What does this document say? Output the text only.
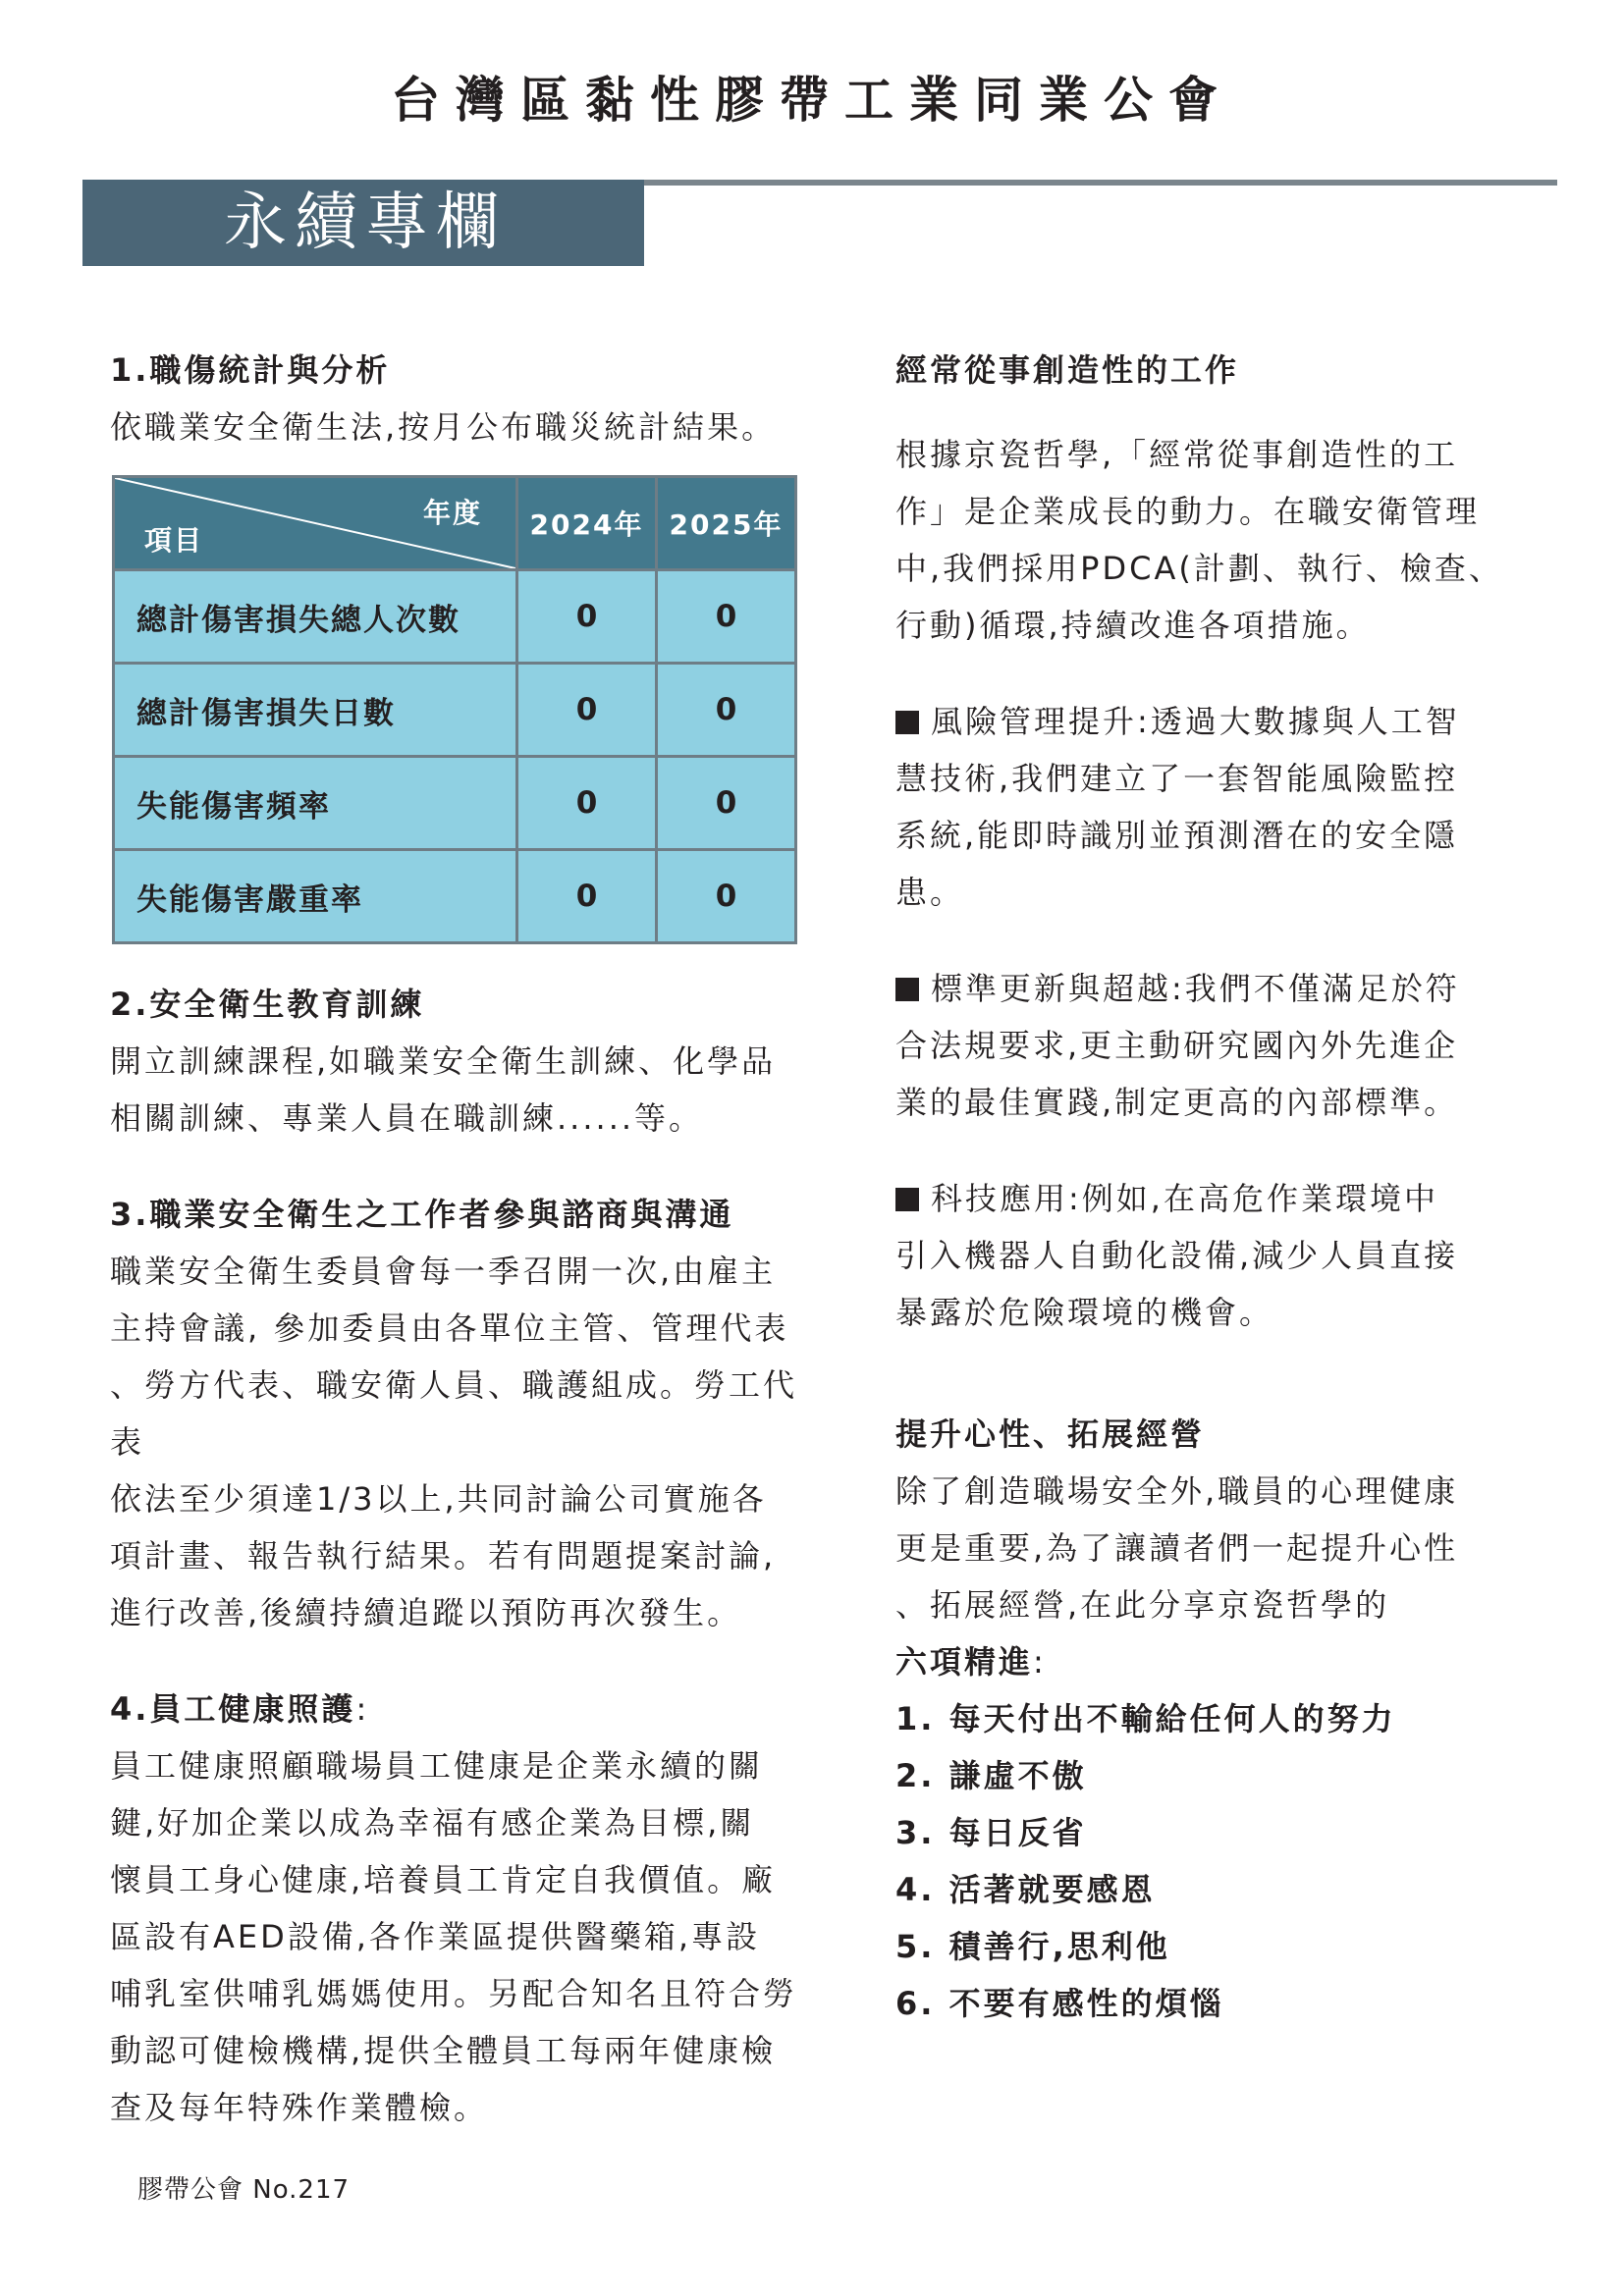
台灣區黏性膠帶工業同業公會
永續專欄

1.職傷統計與分析

依職業安全衛生法,按月公布職災統計結果。

年度
項目	2024年	2025年
總計傷害損失總人次數	0	0
總計傷害損失日數	0	0
失能傷害頻率	0	0
失能傷害嚴重率	0	0

2.安全衛生教育訓練

開立訓練課程,如職業安全衛生訓練、化學品

相關訓練、專業人員在職訓練......等。

3.職業安全衛生之工作者參與諮商與溝通

職業安全衛生委員會每一季召開一次,由雇主

主持會議, 參加委員由各單位主管、管理代表

、勞方代表、職安衛人員、職護組成。勞工代表

依法至少須達1/3以上,共同討論公司實施各

項計畫、報告執行結果。若有問題提案討論,

進行改善,後續持續追蹤以預防再次發生。

4.員工健康照護:

員工健康照顧職場員工健康是企業永續的關

鍵,好加企業以成為幸福有感企業為目標,關

懷員工身心健康,培養員工肯定自我價值。廠

區設有AED設備,各作業區提供醫藥箱,專設

哺乳室供哺乳媽媽使用。另配合知名且符合勞

動認可健檢機構,提供全體員工每兩年健康檢

查及每年特殊作業體檢。

經常從事創造性的工作

根據京瓷哲學,「經常從事創造性的工

作」是企業成長的動力。在職安衛管理

中,我們採用PDCA(計劃、執行、檢查、

行動)循環,持續改進各項措施。

風險管理提升:透過大數據與人工智

慧技術,我們建立了一套智能風險監控

系統,能即時識別並預測潛在的安全隱

患。

標準更新與超越:我們不僅滿足於符

合法規要求,更主動研究國內外先進企

業的最佳實踐,制定更高的內部標準。

科技應用:例如,在高危作業環境中

引入機器人自動化設備,減少人員直接

暴露於危險環境的機會。

提升心性、拓展經營

除了創造職場安全外,職員的心理健康

更是重要,為了讓讀者們一起提升心性

、拓展經營,在此分享京瓷哲學的

六項精進:

1. 每天付出不輸給任何人的努力

2. 謙虛不傲

3. 每日反省

4. 活著就要感恩

5. 積善行,思利他

6. 不要有感性的煩惱

膠帶公會 No.217
